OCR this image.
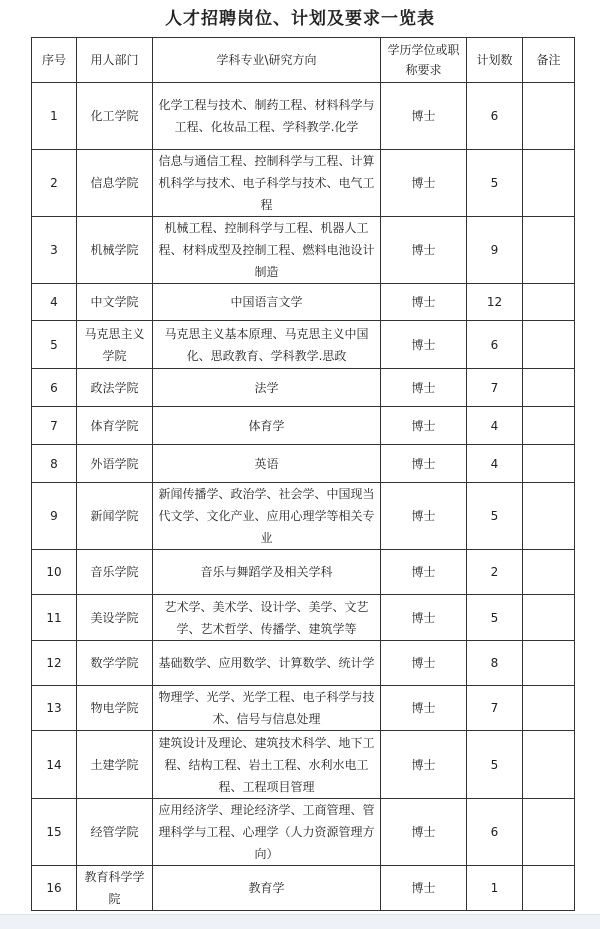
人才招聘岗位、计划及要求一览表
序号	用人部门	学科专业\研究方向	学历学位或职称要求	计划数	备注
1	化工学院	化学工程与技术、制药工程、材料科学与工程、化妆品工程、学科教学.化学	博士	6	
2	信息学院	信息与通信工程、控制科学与工程、计算机科学与技术、电子科学与技术、电气工程	博士	5	
3	机械学院	机械工程、控制科学与工程、机器人工程、材料成型及控制工程、燃料电池设计制造	博士	9	
4	中文学院	中国语言文学	博士	12	
5	马克思主义学院	马克思主义基本原理、马克思主义中国化、思政教育、学科教学.思政	博士	6	
6	政法学院	法学	博士	7	
7	体育学院	体育学	博士	4	
8	外语学院	英语	博士	4	
9	新闻学院	新闻传播学、政治学、社会学、中国现当代文学、文化产业、应用心理学等相关专业	博士	5	
10	音乐学院	音乐与舞蹈学及相关学科	博士	2	
11	美设学院	艺术学、美术学、设计学、美学、文艺学、艺术哲学、传播学、建筑学等	博士	5	
12	数学学院	基础数学、应用数学、计算数学、统计学	博士	8	
13	物电学院	物理学、光学、光学工程、电子科学与技术、信号与信息处理	博士	7	
14	土建学院	建筑设计及理论、建筑技术科学、地下工程、结构工程、岩土工程、水利水电工程、工程项目管理	博士	5	
15	经管学院	应用经济学、理论经济学、工商管理、管理科学与工程、心理学（人力资源管理方向）	博士	6	
16	教育科学学院	教育学	博士	1	
